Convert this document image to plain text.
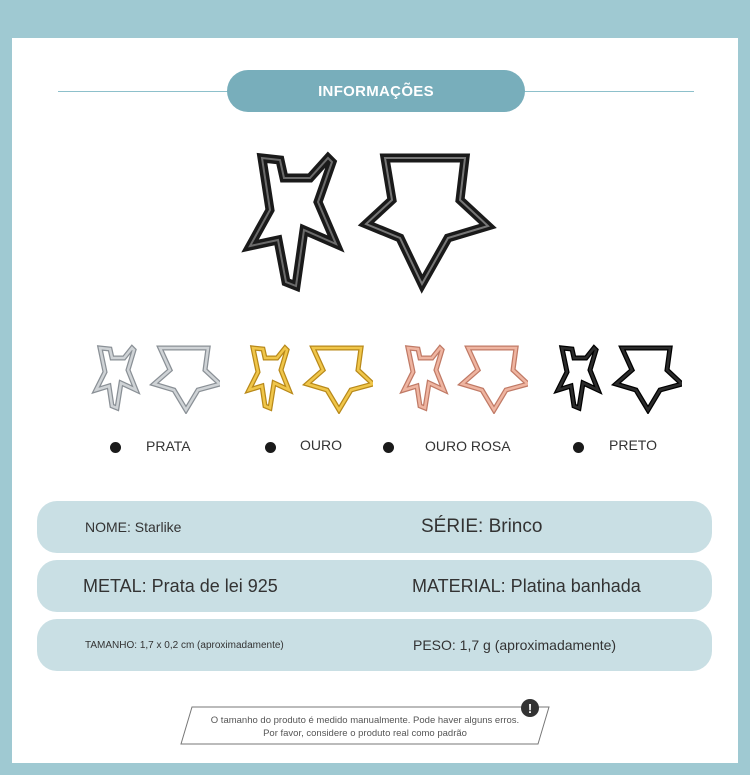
INFORMAÇÕES
PRATA	OURO	OURO ROSA	PRETO
NOME: Starlike	SÉRIE: Brinco
METAL: Prata de lei 925	MATERIAL: Platina banhada
TAMANHO: 1,7 x 0,2 cm (aproximadamente)	PESO: 1,7 g (aproximadamente)
O tamanho do produto é medido manualmente. Pode haver alguns erros.
Por favor, considere o produto real como padrão
!
